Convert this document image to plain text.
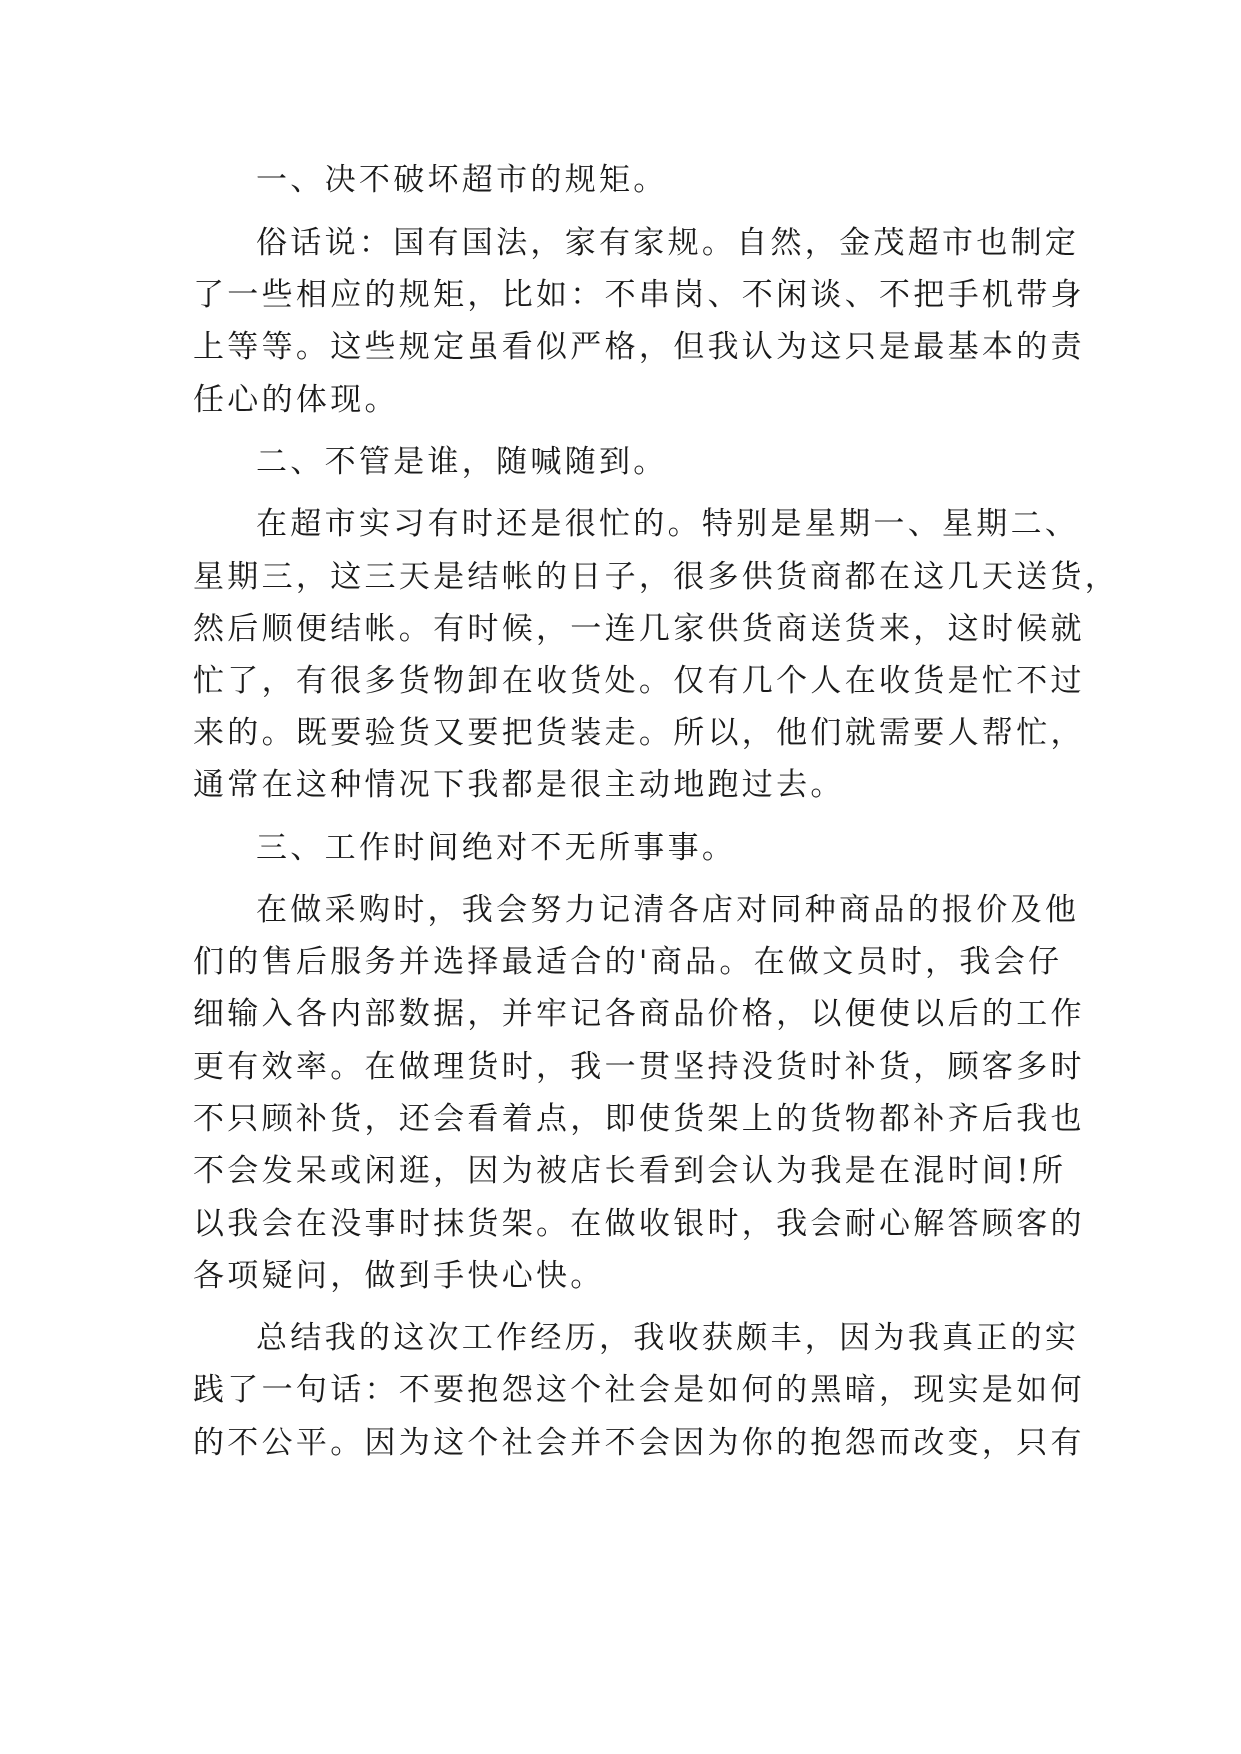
一、决不破坏超市的规矩。
俗话说：国有国法，家有家规。自然，金茂超市也制定
了一些相应的规矩，比如：不串岗、不闲谈、不把手机带身
上等等。这些规定虽看似严格，但我认为这只是最基本的责
任心的体现。
二、不管是谁，随喊随到。
在超市实习有时还是很忙的。特别是星期一、星期二、
星期三，这三天是结帐的日子，很多供货商都在这几天送货，
然后顺便结帐。有时候，一连几家供货商送货来，这时候就
忙了，有很多货物卸在收货处。仅有几个人在收货是忙不过
来的。既要验货又要把货装走。所以，他们就需要人帮忙，
通常在这种情况下我都是很主动地跑过去。
三、工作时间绝对不无所事事。
在做采购时，我会努力记清各店对同种商品的报价及他
们的售后服务并选择最适合的'商品。在做文员时，我会仔
细输入各内部数据，并牢记各商品价格，以便使以后的工作
更有效率。在做理货时，我一贯坚持没货时补货，顾客多时
不只顾补货，还会看着点，即使货架上的货物都补齐后我也
不会发呆或闲逛，因为被店长看到会认为我是在混时间!所
以我会在没事时抹货架。在做收银时，我会耐心解答顾客的
各项疑问，做到手快心快。
总结我的这次工作经历，我收获颇丰，因为我真正的实
践了一句话：不要抱怨这个社会是如何的黑暗，现实是如何
的不公平。因为这个社会并不会因为你的抱怨而改变，只有
